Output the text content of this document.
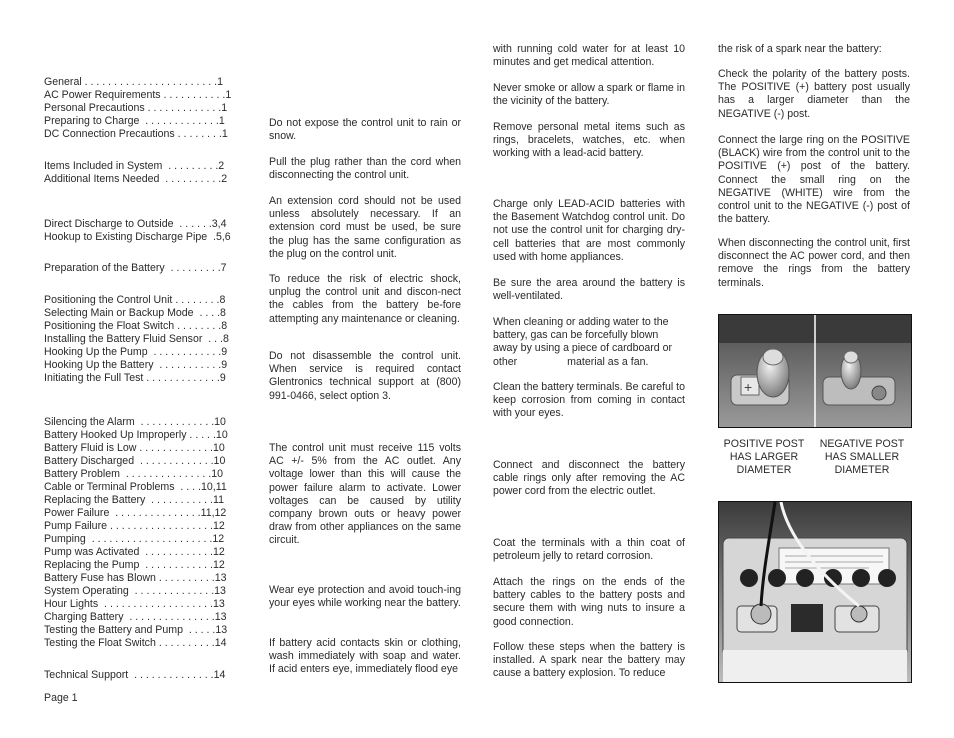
General . . . . . . . . . . . . . . . . . . . . . . .1
AC Power Requirements . . . . . . . . . . .1
Personal Precautions . . . . . . . . . . . . .1
Preparing to Charge  . . . . . . . . . . . . .1
DC Connection Precautions . . . . . . . .1
Items Included in System  . . . . . . . . .2
Additional Items Needed  . . . . . . . . . .2
Direct Discharge to Outside  . . . . . .3,4
Hookup to Existing Discharge Pipe  .5,6
Preparation of the Battery  . . . . . . . . .7
Positioning the Control Unit . . . . . . . .8
Selecting Main or Backup Mode  . . . .8
Positioning the Float Switch . . . . . . . .8
Installing the Battery Fluid Sensor  . . .8
Hooking Up the Pump  . . . . . . . . . . . .9
Hooking Up the Battery  . . . . . . . . . . .9
Initiating the Full Test . . . . . . . . . . . . .9
Silencing the Alarm  . . . . . . . . . . . . .10
Battery Hooked Up Improperly . . . . .10
Battery Fluid is Low . . . . . . . . . . . . .10
Battery Discharged  . . . . . . . . . . . . .10
Battery Problem  . . . . . . . . . . . . . . .10
Cable or Terminal Problems  . . . .10,11
Replacing the Battery  . . . . . . . . . . .11
Power Failure  . . . . . . . . . . . . . . .11,12
Pump Failure . . . . . . . . . . . . . . . . . .12
Pumping  . . . . . . . . . . . . . . . . . . . . .12
Pump was Activated  . . . . . . . . . . . .12
Replacing the Pump  . . . . . . . . . . . .12
Battery Fuse has Blown . . . . . . . . . .13
System Operating  . . . . . . . . . . . . . .13
Hour Lights  . . . . . . . . . . . . . . . . . . .13
Charging Battery  . . . . . . . . . . . . . . .13
Testing the Battery and Pump  . . . . .13
Testing the Float Switch . . . . . . . . . .14
Technical Support  . . . . . . . . . . . . . .14
Page 1
Do not expose the control unit to rain or snow.
Pull the plug rather than the cord when disconnecting the control unit.
An extension cord should not be used unless absolutely necessary. If an extension cord must be used, be sure the plug has the same configuration as the plug on the control unit.
To reduce the risk of electric shock, unplug the control unit and discon-nect the cables from the battery be-fore attempting any maintenance or cleaning.
Do not disassemble the control unit. When service is required contact Glentronics technical support at (800) 991-0466, select option 3.
The control unit must receive 115 volts AC +/- 5% from the AC outlet. Any voltage lower than this will cause the power failure alarm to activate. Lower voltages can be caused by utility company brown outs or heavy power draw from other appliances on the same circuit.
Wear eye protection and avoid touch-ing your eyes while working near the battery.
If battery acid contacts skin or clothing, wash immediately with soap and water. If acid enters eye, immediately flood eye
with running cold water for at least 10 minutes and get medical attention.
Never smoke or allow a spark or flame in the vicinity of the battery.
Remove personal metal items such as rings, bracelets, watches, etc. when working with a lead-acid battery.
Charge only LEAD-ACID batteries with the Basement Watchdog control unit. Do not use the control unit for charging dry-cell batteries that are most commonly used with home appliances.
Be sure the area around the battery is well-ventilated.
When cleaning or adding water to the battery, gas can be forcefully blown away by using a piece of cardboard or other                 material as a fan.
Clean the battery terminals. Be careful to keep corrosion from coming in contact with your eyes.
Connect and disconnect the battery cable rings only after removing the AC power cord from the electric outlet.
Coat the terminals with a thin coat of petroleum jelly to retard corrosion.
Attach the rings on the ends of the battery cables to the battery posts and secure them with wing nuts to insure a good connection.
Follow these steps when the battery is installed. A spark near the battery may cause a battery explosion. To reduce
the risk of a spark near the battery:
Check the polarity of the battery posts. The POSITIVE (+) battery post usually has a larger diameter than the NEGATIVE (-) post.
Connect the large ring on the POSITIVE (BLACK) wire from the control unit to the POSITIVE (+) post of the battery. Connect the small ring on the NEGATIVE (WHITE) wire from the control unit to the NEGATIVE (-) post of the battery.
When disconnecting the control unit, first disconnect the AC power cord, and then remove the rings from the battery terminals.
+
POSITIVE POST HAS LARGER DIAMETER
NEGATIVE POST HAS SMALLER DIAMETER
